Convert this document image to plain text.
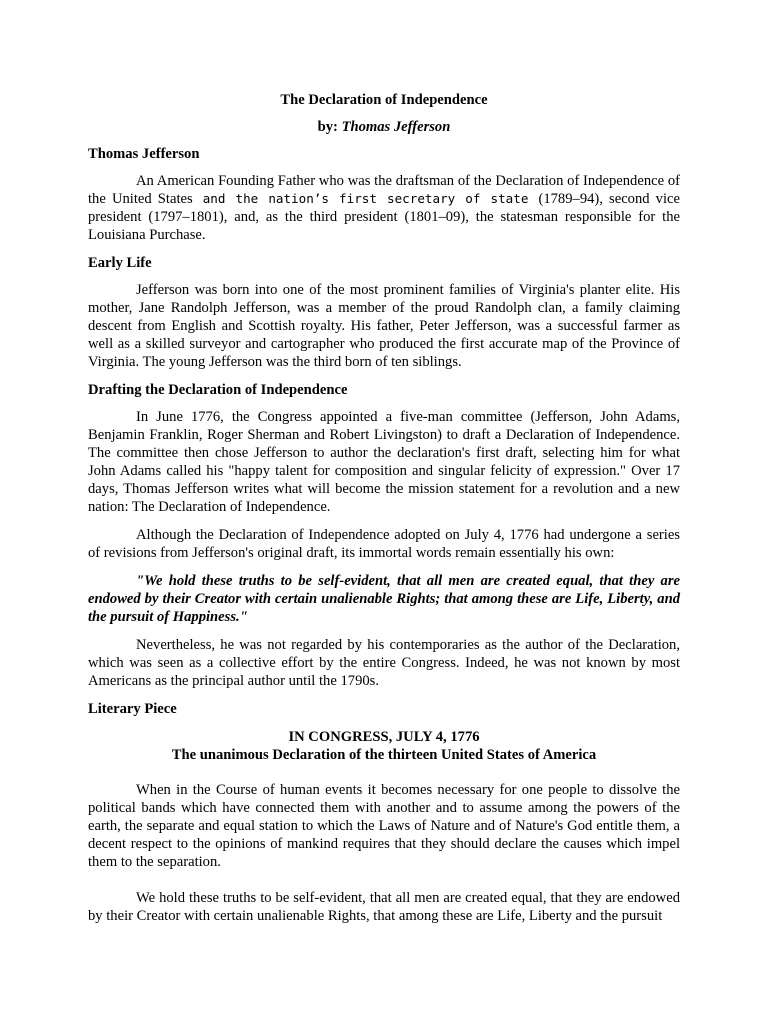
The Declaration of Independence

by: Thomas Jefferson

Thomas Jefferson

An American Founding Father who was the draftsman of the Declaration of Independence of the United States and the nation’s first secretary of state (1789–94), second vice president (1797–1801), and, as the third president (1801–09), the statesman responsible for the Louisiana Purchase.

Early Life

Jefferson was born into one of the most prominent families of Virginia's planter elite. His mother, Jane Randolph Jefferson, was a member of the proud Randolph clan, a family claiming descent from English and Scottish royalty. His father, Peter Jefferson, was a successful farmer as well as a skilled surveyor and cartographer who produced the first accurate map of the Province of Virginia. The young Jefferson was the third born of ten siblings.

Drafting the Declaration of Independence

In June 1776, the Congress appointed a five-man committee (Jefferson, John Adams, Benjamin Franklin, Roger Sherman and Robert Livingston) to draft a Declaration of Independence. The committee then chose Jefferson to author the declaration's first draft, selecting him for what John Adams called his "happy talent for composition and singular felicity of expression." Over 17 days, Thomas Jefferson writes what will become the mission statement for a revolution and a new nation: The Declaration of Independence.

Although the Declaration of Independence adopted on July 4, 1776 had undergone a series of revisions from Jefferson's original draft, its immortal words remain essentially his own:

"We hold these truths to be self-evident, that all men are created equal, that they are endowed by their Creator with certain unalienable Rights; that among these are Life, Liberty, and the pursuit of Happiness."

Nevertheless, he was not regarded by his contemporaries as the author of the Declaration, which was seen as a collective effort by the entire Congress. Indeed, he was not known by most Americans as the principal author until the 1790s.

Literary Piece

IN CONGRESS, JULY 4, 1776

The unanimous Declaration of the thirteen United States of America

When in the Course of human events it becomes necessary for one people to dissolve the political bands which have connected them with another and to assume among the powers of the earth, the separate and equal station to which the Laws of Nature and of Nature's God entitle them, a decent respect to the opinions of mankind requires that they should declare the causes which impel them to the separation.

We hold these truths to be self-evident, that all men are created equal, that they are endowed by their Creator with certain unalienable Rights, that among these are Life, Liberty and the pursuit
